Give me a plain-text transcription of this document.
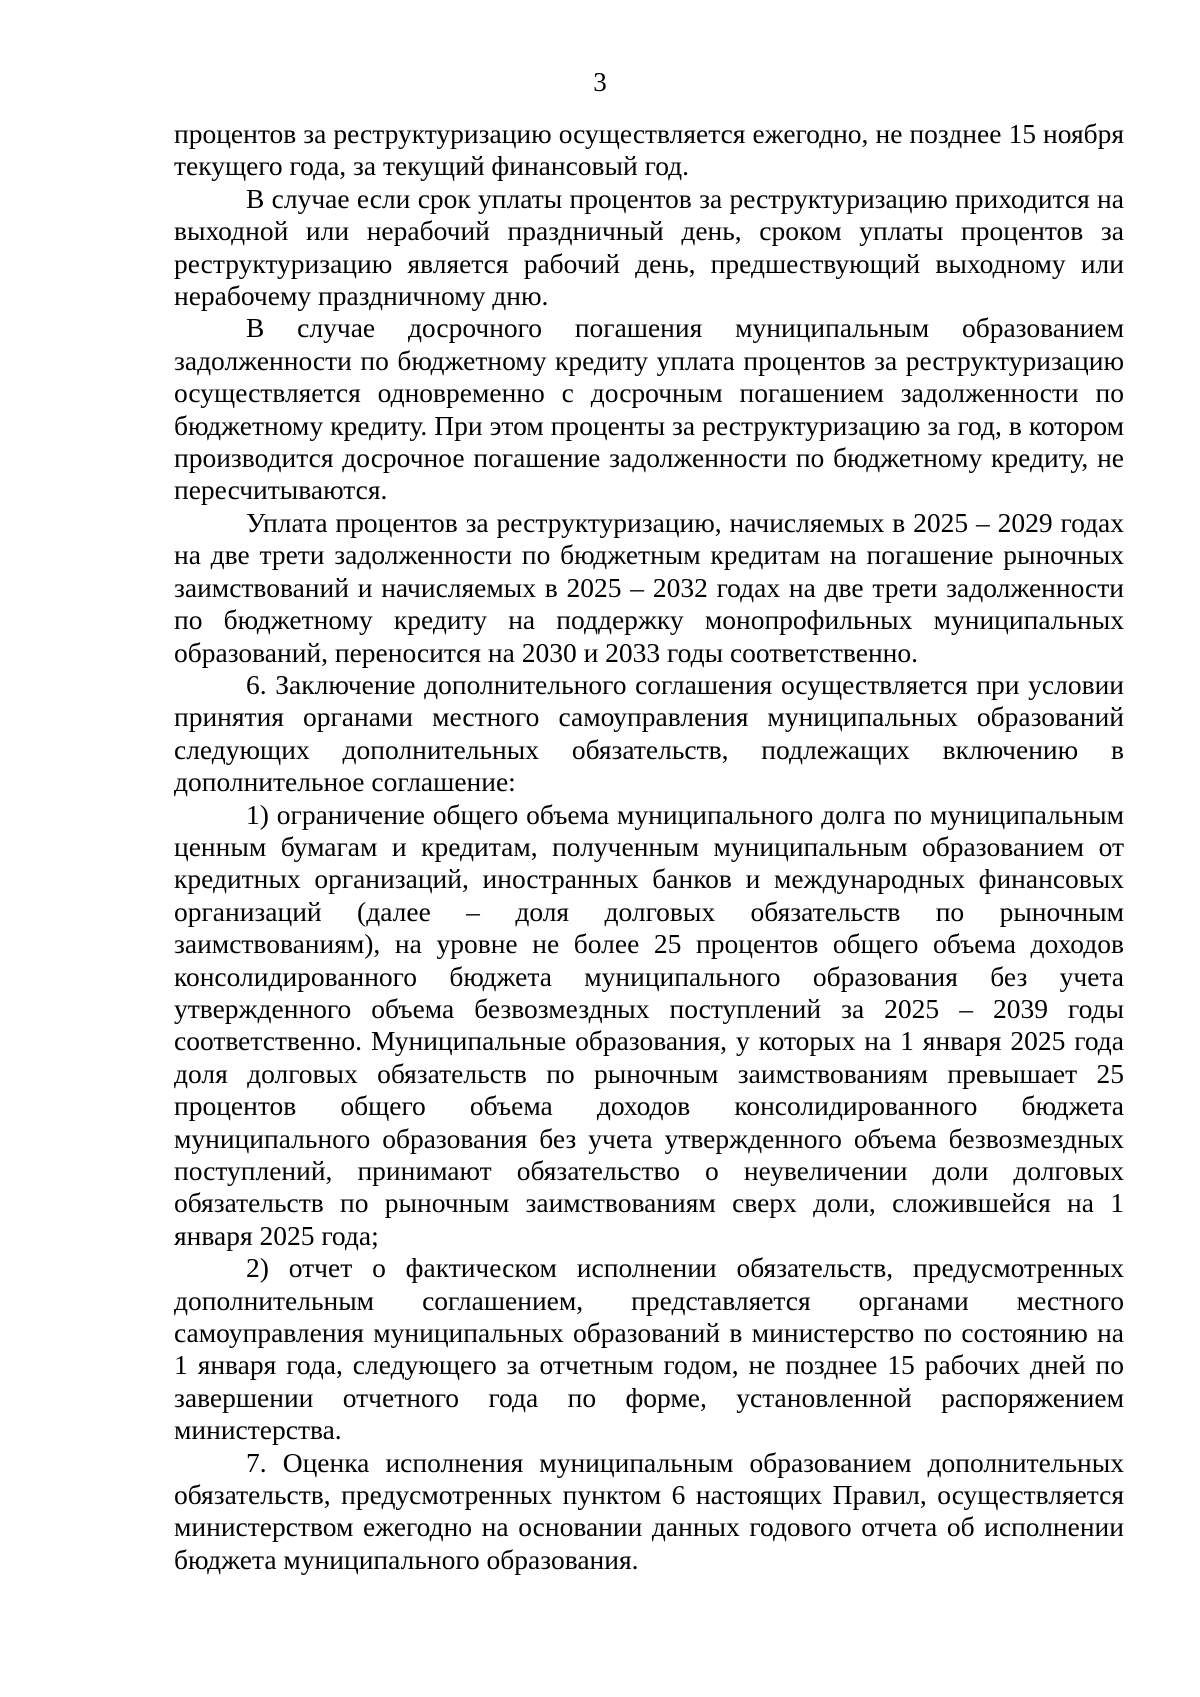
3

процентов за реструктуризацию осуществляется ежегодно, не позднее 15 ноября текущего года, за текущий финансовый год.

В случае если срок уплаты процентов за реструктуризацию приходится на выходной или нерабочий праздничный день, сроком уплаты процентов за реструктуризацию является рабочий день, предшествующий выходному или нерабочему праздничному дню.

В случае досрочного погашения муниципальным образованием задолженности по бюджетному кредиту уплата процентов за реструктуризацию осуществляется одновременно с досрочным погашением задолженности по бюджетному кредиту. При этом проценты за реструктуризацию за год, в котором производится досрочное погашение задолженности по бюджетному кредиту, не пересчитываются.

Уплата процентов за реструктуризацию, начисляемых в 2025 – 2029 годах на две трети задолженности по бюджетным кредитам на погашение рыночных заимствований и начисляемых в 2025 – 2032 годах на две трети задолженности по бюджетному кредиту на поддержку монопрофильных муниципальных образований, переносится на 2030 и 2033 годы соответственно.

6. Заключение дополнительного соглашения осуществляется при условии принятия органами местного самоуправления муниципальных образований следующих дополнительных обязательств, подлежащих включению в дополнительное соглашение:

1) ограничение общего объема муниципального долга по муниципальным ценным бумагам и кредитам, полученным муниципальным образованием от кредитных организаций, иностранных банков и международных финансовых организаций (далее – доля долговых обязательств по рыночным заимствованиям), на уровне не более 25 процентов общего объема доходов консолидированного бюджета муниципального образования без учета утвержденного объема безвозмездных поступлений за 2025 – 2039 годы соответственно. Муниципальные образования, у которых на 1 января 2025 года доля долговых обязательств по рыночным заимствованиям превышает 25 процентов общего объема доходов консолидированного бюджета муниципального образования без учета утвержденного объема безвозмездных поступлений, принимают обязательство о неувеличении доли долговых обязательств по рыночным заимствованиям сверх доли, сложившейся на 1 января 2025 года;

2) отчет о фактическом исполнении обязательств, предусмотренных дополнительным соглашением, представляется органами местного самоуправления муниципальных образований в министерство по состоянию на 1 января года, следующего за отчетным годом, не позднее 15 рабочих дней по завершении отчетного года по форме, установленной распоряжением министерства.

7. Оценка исполнения муниципальным образованием дополнительных обязательств, предусмотренных пунктом 6 настоящих Правил, осуществляется министерством ежегодно на основании данных годового отчета об исполнении бюджета муниципального образования.
